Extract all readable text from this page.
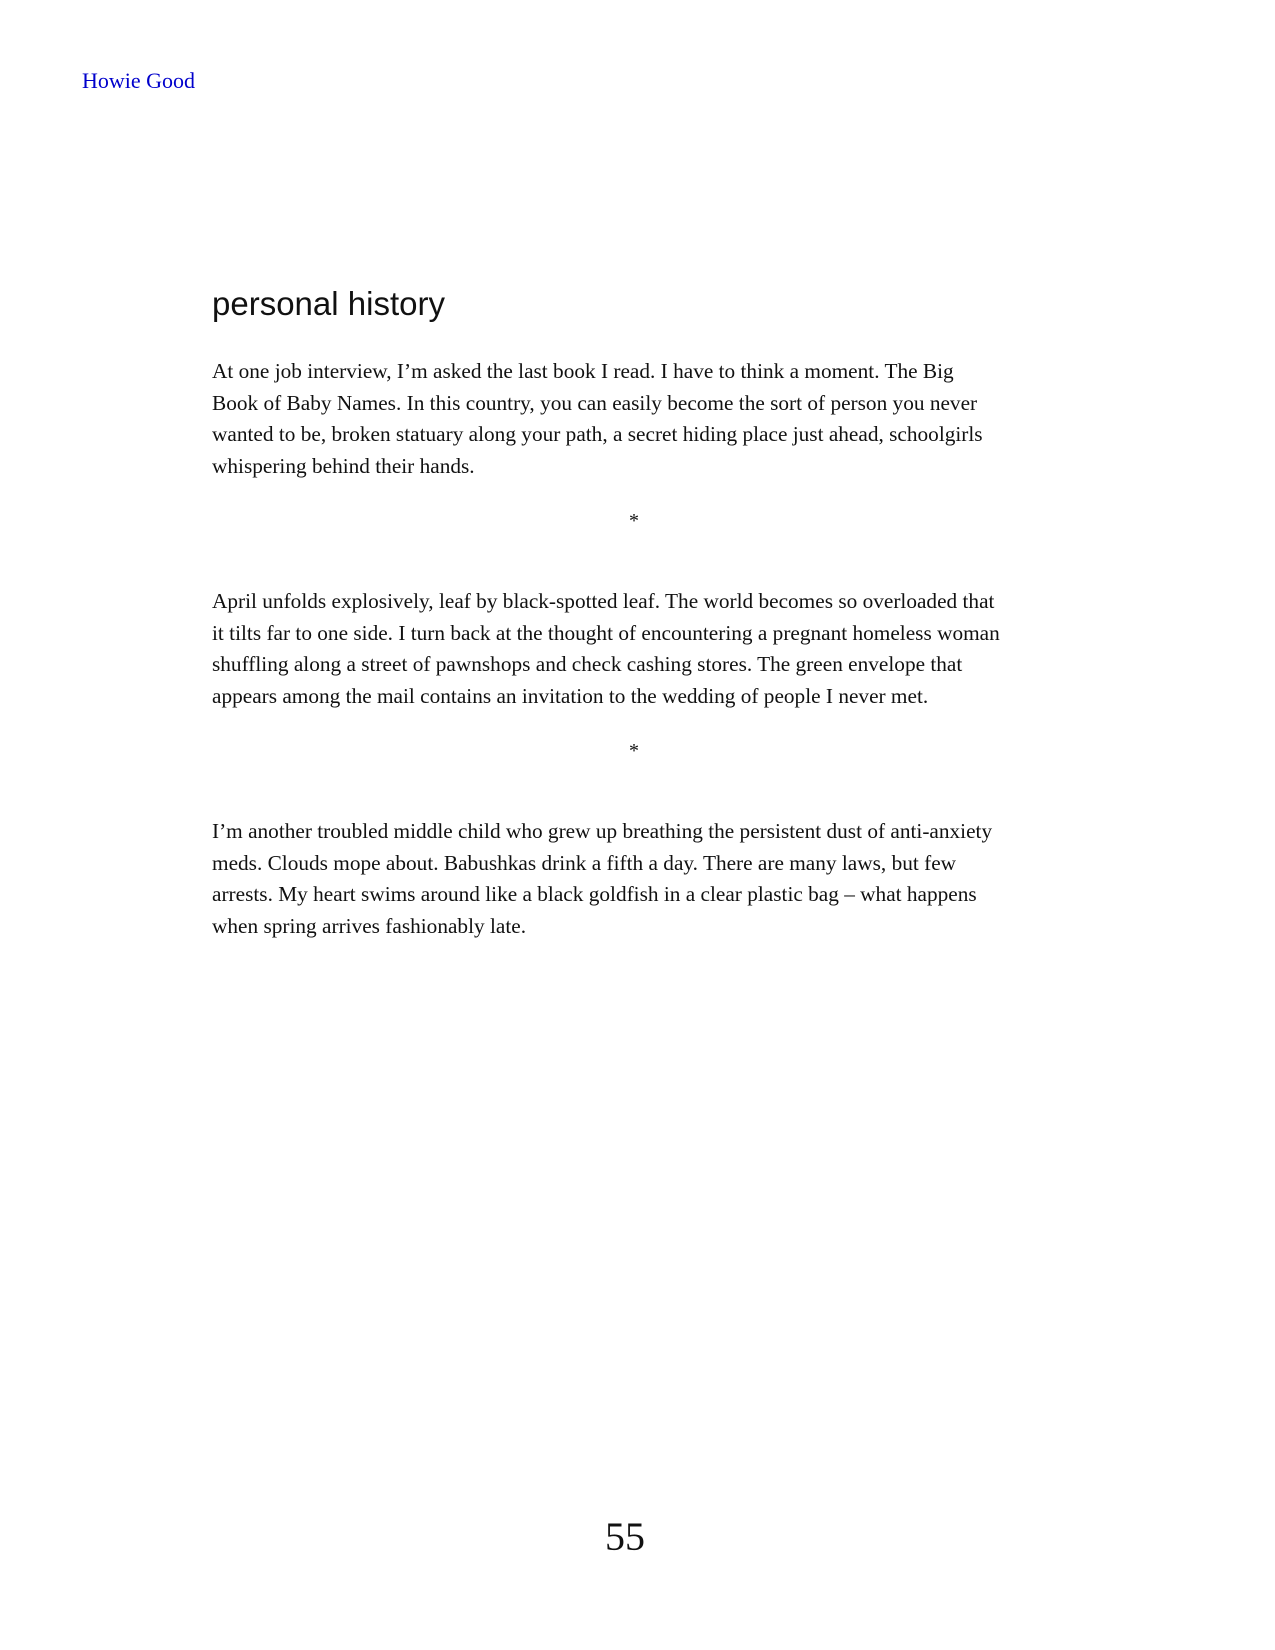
Howie Good

personal history

At one job interview, I’m asked the last book I read. I have to think a moment. The Big Book of Baby Names. In this country, you can easily become the sort of person you never wanted to be, broken statuary along your path, a secret hiding place just ahead, schoolgirls whispering behind their hands.

*

April unfolds explosively, leaf by black-spotted leaf. The world becomes so overloaded that it tilts far to one side. I turn back at the thought of encountering a pregnant homeless woman shuffling along a street of pawnshops and check cashing stores. The green envelope that appears among the mail contains an invitation to the wedding of people I never met.

*

I’m another troubled middle child who grew up breathing the persistent dust of anti-anxiety meds. Clouds mope about. Babushkas drink a fifth a day. There are many laws, but few arrests. My heart swims around like a black goldfish in a clear plastic bag – what happens when spring arrives fashionably late.

55
